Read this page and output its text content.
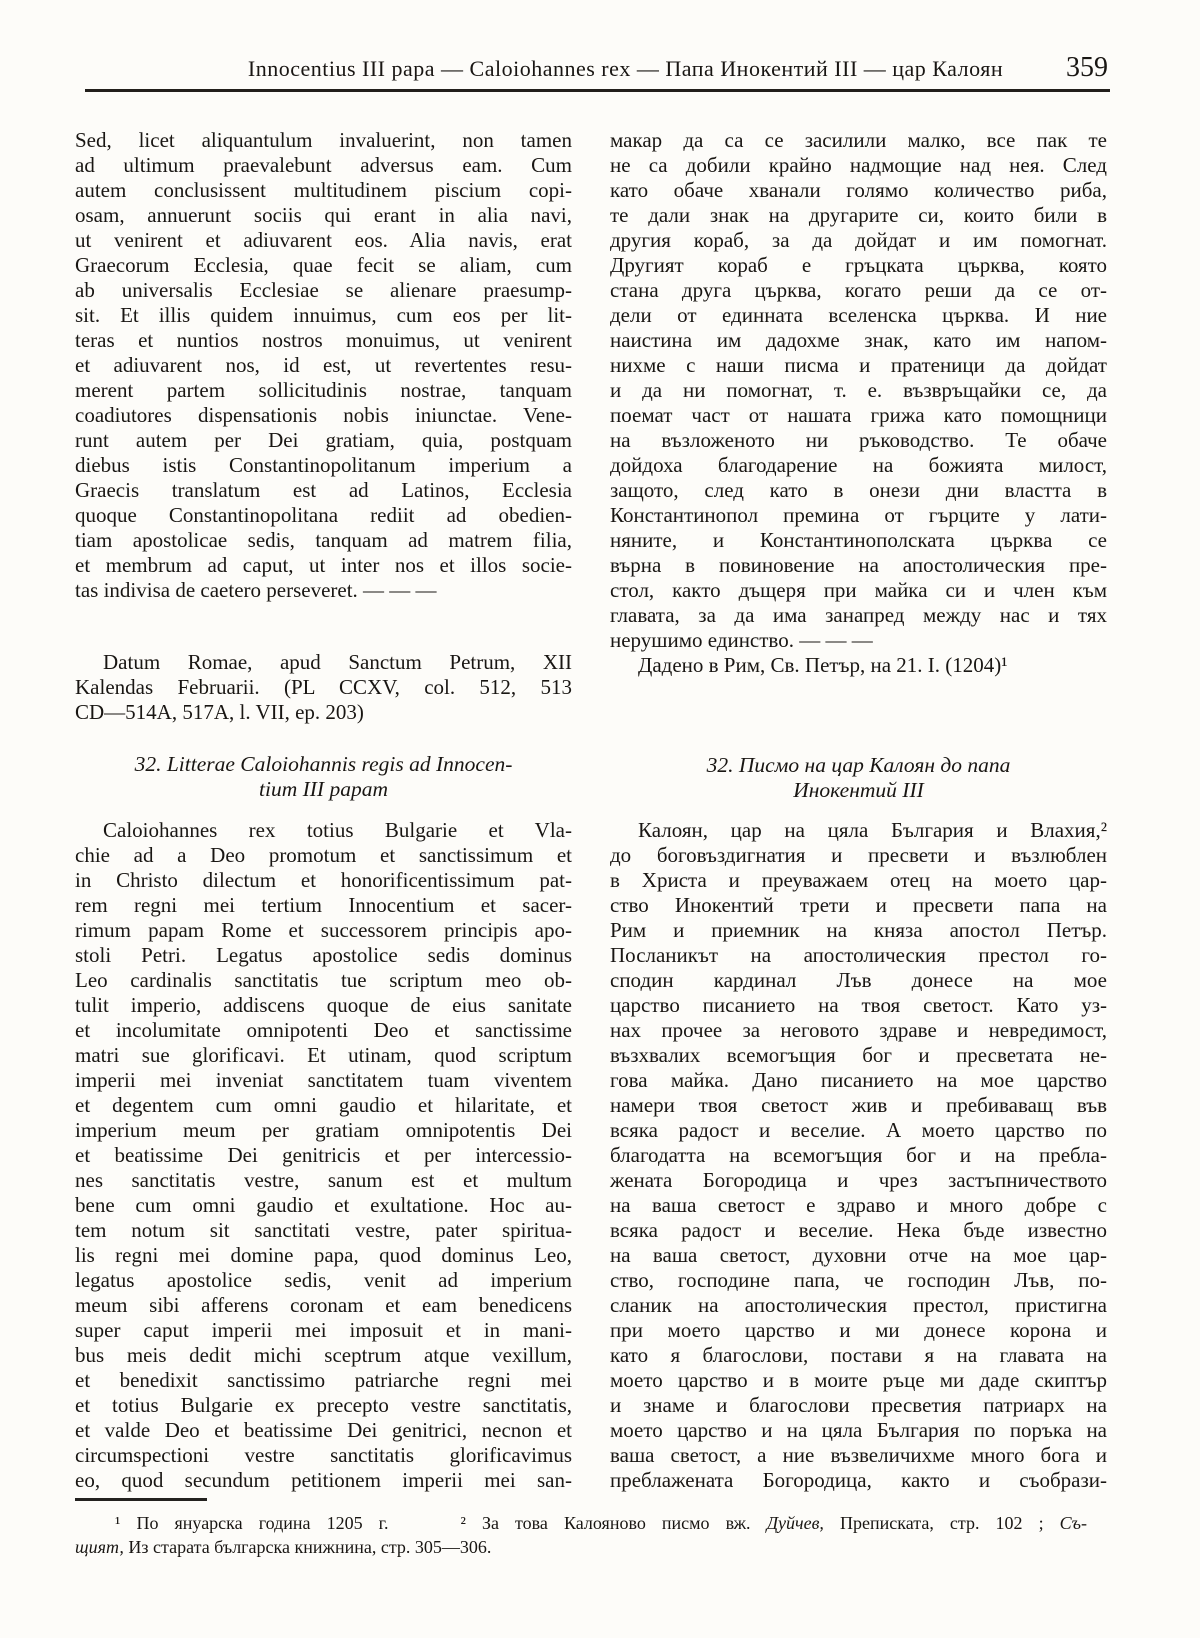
Innocentius III papa — Caloiohannes rex — Папа Инокентий III — цар Калоян	359
Sed, licet aliquantulum invaluerint, non tamen
ad ultimum praevalebunt adversus eam. Cum
autem conclusissent multitudinem piscium copi-
osam, annuerunt sociis qui erant in alia navi,
ut venirent et adiuvarent eos. Alia navis, erat
Graecorum Ecclesia, quae fecit se aliam, cum
ab universalis Ecclesiae se alienare praesump-
sit. Et illis quidem innuimus, cum eos per lit-
teras et nuntios nostros monuimus, ut venirent
et adiuvarent nos, id est, ut revertentes resu-
merent partem sollicitudinis nostrae, tanquam
coadiutores dispensationis nobis iniunctae. Vene-
runt autem per Dei gratiam, quia, postquam
diebus istis Constantinopolitanum imperium a
Graecis translatum est ad Latinos, Ecclesia
quoque Constantinopolitana rediit ad obedien-
tiam apostolicae sedis, tanquam ad matrem filia,
et membrum ad caput, ut inter nos et illos socie-
tas indivisa de caetero perseveret. — — —
Datum Romae, apud Sanctum Petrum, XII
Kalendas Februarii. (PL CCXV, col. 512, 513
CD—514A, 517A, l. VII, ep. 203)
32. Litterae Caloiohannis regis ad Innocen-
tium III papam
Caloiohannes rex totius Bulgarie et Vla-
chie ad a Deo promotum et sanctissimum et
in Christo dilectum et honorificentissimum pat-
rem regni mei tertium Innocentium et sacer-
rimum papam Rome et successorem principis apo-
stoli Petri. Legatus apostolice sedis dominus
Leo cardinalis sanctitatis tue scriptum meo ob-
tulit imperio, addiscens quoque de eius sanitate
et incolumitate omnipotenti Deo et sanctissime
matri sue glorificavi. Et utinam, quod scriptum
imperii mei inveniat sanctitatem tuam viventem
et degentem cum omni gaudio et hilaritate, et
imperium meum per gratiam omnipotentis Dei
et beatissime Dei genitricis et per intercessio-
nes sanctitatis vestre, sanum est et multum
bene cum omni gaudio et exultatione. Hoc au-
tem notum sit sanctitati vestre, pater spiritua-
lis regni mei domine papa, quod dominus Leo,
legatus apostolice sedis, venit ad imperium
meum sibi afferens coronam et eam benedicens
super caput imperii mei imposuit et in mani-
bus meis dedit michi sceptrum atque vexillum,
et benedixit sanctissimo patriarche regni mei
et totius Bulgarie ex precepto vestre sanctitatis,
et valde Deo et beatissime Dei genitrici, necnon et
circumspectioni vestre sanctitatis glorificavimus
eo, quod secundum petitionem imperii mei san-
макар да са се засилили малко, все пак те
не са добили крайно надмощие над нея. След
като обаче хванали голямо количество риба,
те дали знак на другарите си, които били в
другия кораб, за да дойдат и им помогнат.
Другият кораб е гръцката църква, която
стана друга църква, когато реши да се от-
дели от единната вселенска църква. И ние
наистина им дадохме знак, като им напом-
нихме с наши писма и пратеници да дойдат
и да ни помогнат, т. е. възвръщайки се, да
поемат част от нашата грижа като помощници
на възложеното ни ръководство. Те обаче
дойдоха благодарение на божията милост,
защото, след като в онези дни властта в
Константинопол премина от гърците у лати-
няните, и Константинополската църква се
върна в повиновение на апостолическия пре-
стол, както дъщеря при майка си и член към
главата, за да има занапред между нас и тях
нерушимо единство. — — —
Дадено в Рим, Св. Петър, на 21. I. (1204)¹
32. Писмо на цар Калоян до папа
Инокентий III
Калоян, цар на цяла България и Влахия,²
до боговъздигнатия и пресвети и възлюблен
в Христа и преуважаем отец на моето цар-
ство Инокентий трети и пресвети папа на
Рим и приемник на княза апостол Петър.
Посланикът на апостолическия престол го-
сподин кардинал Лъв донесе на мое
царство писанието на твоя светост. Като уз-
нах прочее за неговото здраве и невредимост,
възхвалих всемогъщия бог и пресветата не-
гова майка. Дано писанието на мое царство
намери твоя светост жив и пребиваващ във
всяка радост и веселие. А моето царство по
благодатта на всемогъщия бог и на пребла-
жената Богородица и чрез застъпничеството
на ваша светост е здраво и много добре с
всяка радост и веселие. Нека бъде известно
на ваша светост, духовни отче на мое цар-
ство, господине папа, че господин Лъв, по-
сланик на апостолическия престол, пристигна
при моето царство и ми донесе корона и
като я благослови, постави я на главата на
моето царство и в моите ръце ми даде скиптър
и знаме и благослови пресветия патриарх на
моето царство и на цяла България по поръка на
ваша светост, а ние възвеличихме много бога и
преблажената Богородица, както и съобрази-
¹ По януарска година 1205 г.    ² За това Калояново писмо вж. Дуйчев, Преписката, стр. 102 ; Съ-
щият, Из старата българска книжнина, стр. 305—306.
